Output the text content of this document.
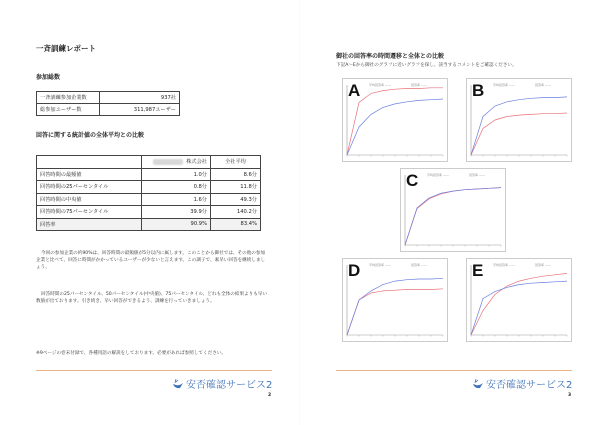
一斉訓練レポート
参加総数
一斉訓練参加企業数	937社
総参加ユーザー数	311,987ユーザー
回答に関する統計値の全体平均との比較
	株式会社	全社平均
回答時間の最頻値	1.0分	8.6分
回答時間の25パーセンタイル	0.8分	11.8分
回答時間の中央値	1.6分	49.3分
回答時間の75パーセンタイル	39.9分	140.2分
回答率	90.9%	83.4%
今回の参加企業の約90%は、回答時間の最頻値が5分以内に属します。このことから御社では、その他の参加企業と比べて、回答に時間がかかっているユーザーが少ないと言えます。この調子で、素早い回答を継続しましょう。
回答時間の25パーセンタイル、50パーセンタイル(中央値)、75パーセンタイル、どれも全体の結果よりも早い数値が出ております。引き続き、早い回答ができるよう、訓練を行っていきましょう。
※9ページの巻末付録で、各種用語の解説をしております。必要があれば参照してください。
安否確認サービス2
2
御社の回答率の時間遷移と全体との比較
下記A～Eから御社のグラフに近いグラフを探し、該当するコメントをご確認ください。
A	平均回答率 ——	回答率 ——	B	平均回答率 ——	回答率 ——
C	平均回答率 ——	回答率 ——
D	平均回答率 ——	回答率 ——	E	平均回答率 ——	回答率 ——
安否確認サービス2
3
